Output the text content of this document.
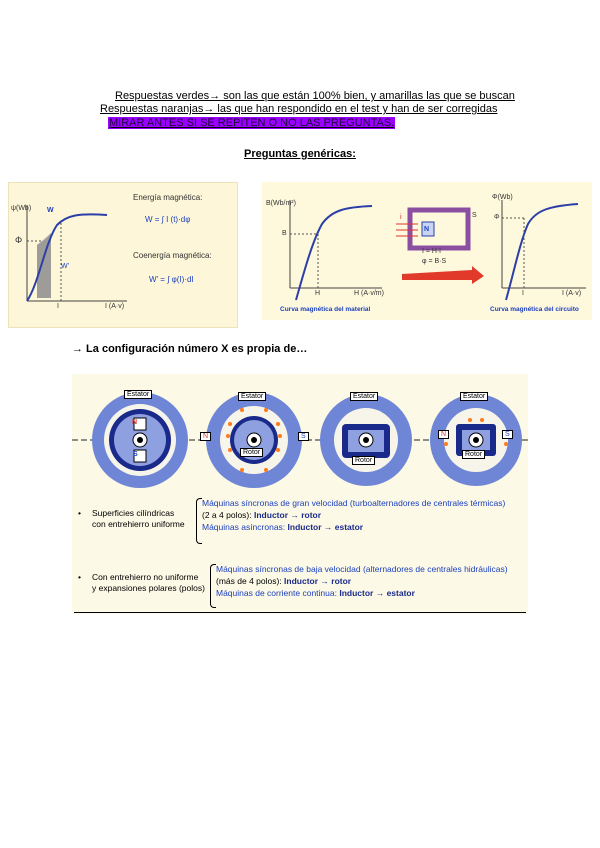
Respuestas verdes→ son las que están 100% bien, y amarillas las que se buscan
Respuestas naranjas→ las que han respondido en el test y han de ser corregidas
MIRAR ANTES SI SE REPITEN O NO LAS PREGUNTAS.
Preguntas genéricas:
ψ(Wb)
Φ
W
W'
I	I (A·v)
Energía magnética:
W = ∫ I (t)·dφ
Coenergía magnética:
W' = ∫ φ(I)·dI
B(Wb/m²)
B
H	H (A·v/m)
Curva magnética del material
N
i	S
I = H·l
φ = B·S
Φ(Wb)
Φ
I	I (A·v)
Curva magnética del circuito
→ La configuración número X es propia de…
Estator
N
S
Estator
Rotor
N	S
Estator
Rotor
Estator
Rotor
N	S
• Superficies cilíndricas
con entrehierro uniforme
Máquinas síncronas de gran velocidad (turboalternadores de centrales térmicas)
(2 a 4 polos): Inductor → rotor
Máquinas asíncronas: Inductor → estator
• Con entrehierro no uniforme
y expansiones polares (polos)
Máquinas síncronas de baja velocidad (alternadores de centrales hidráulicas)
(más de 4 polos): Inductor → rotor
Máquinas de corriente continua: Inductor → estator
